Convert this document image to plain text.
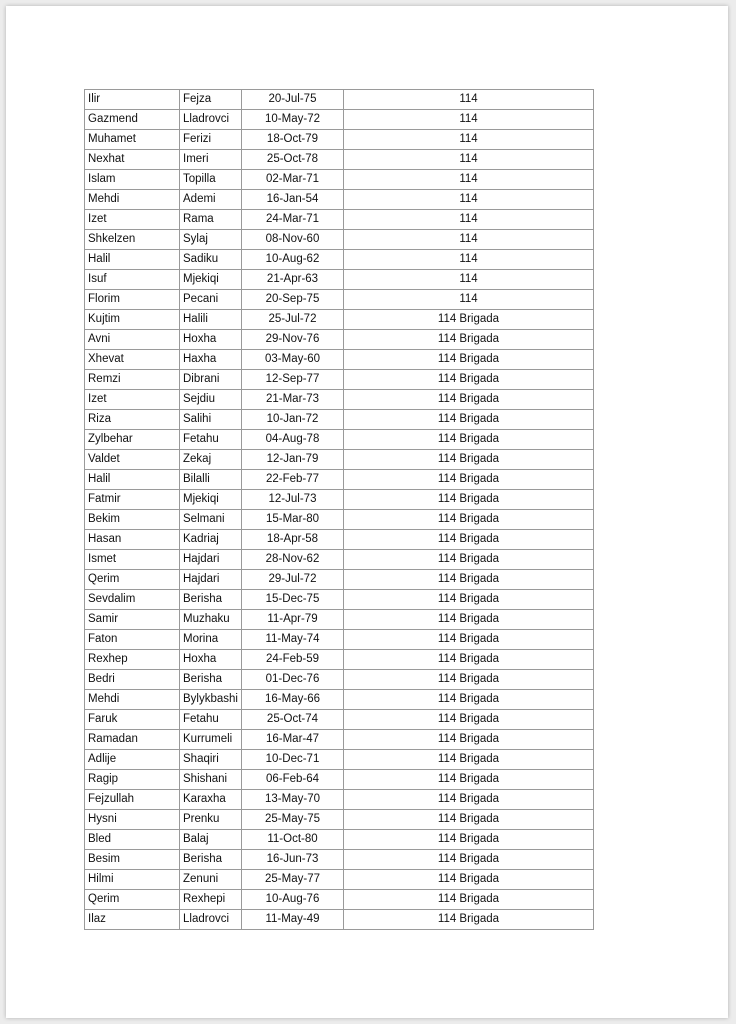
Ilir	Fejza	20-Jul-75	114
Gazmend	Lladrovci	10-May-72	114
Muhamet	Ferizi	18-Oct-79	114
Nexhat	Imeri	25-Oct-78	114
Islam	Topilla	02-Mar-71	114
Mehdi	Ademi	16-Jan-54	114
Izet	Rama	24-Mar-71	114
Shkelzen	Sylaj	08-Nov-60	114
Halil	Sadiku	10-Aug-62	114
Isuf	Mjekiqi	21-Apr-63	114
Florim	Pecani	20-Sep-75	114
Kujtim	Halili	25-Jul-72	114 Brigada
Avni	Hoxha	29-Nov-76	114 Brigada
Xhevat	Haxha	03-May-60	114 Brigada
Remzi	Dibrani	12-Sep-77	114 Brigada
Izet	Sejdiu	21-Mar-73	114 Brigada
Riza	Salihi	10-Jan-72	114 Brigada
Zylbehar	Fetahu	04-Aug-78	114 Brigada
Valdet	Zekaj	12-Jan-79	114 Brigada
Halil	Bilalli	22-Feb-77	114 Brigada
Fatmir	Mjekiqi	12-Jul-73	114 Brigada
Bekim	Selmani	15-Mar-80	114 Brigada
Hasan	Kadriaj	18-Apr-58	114 Brigada
Ismet	Hajdari	28-Nov-62	114 Brigada
Qerim	Hajdari	29-Jul-72	114 Brigada
Sevdalim	Berisha	15-Dec-75	114 Brigada
Samir	Muzhaku	11-Apr-79	114 Brigada
Faton	Morina	11-May-74	114 Brigada
Rexhep	Hoxha	24-Feb-59	114 Brigada
Bedri	Berisha	01-Dec-76	114 Brigada
Mehdi	Bylykbashi	16-May-66	114 Brigada
Faruk	Fetahu	25-Oct-74	114 Brigada
Ramadan	Kurrumeli	16-Mar-47	114 Brigada
Adlije	Shaqiri	10-Dec-71	114 Brigada
Ragip	Shishani	06-Feb-64	114 Brigada
Fejzullah	Karaxha	13-May-70	114 Brigada
Hysni	Prenku	25-May-75	114 Brigada
Bled	Balaj	11-Oct-80	114 Brigada
Besim	Berisha	16-Jun-73	114 Brigada
Hilmi	Zenuni	25-May-77	114 Brigada
Qerim	Rexhepi	10-Aug-76	114 Brigada
Ilaz	Lladrovci	11-May-49	114 Brigada
